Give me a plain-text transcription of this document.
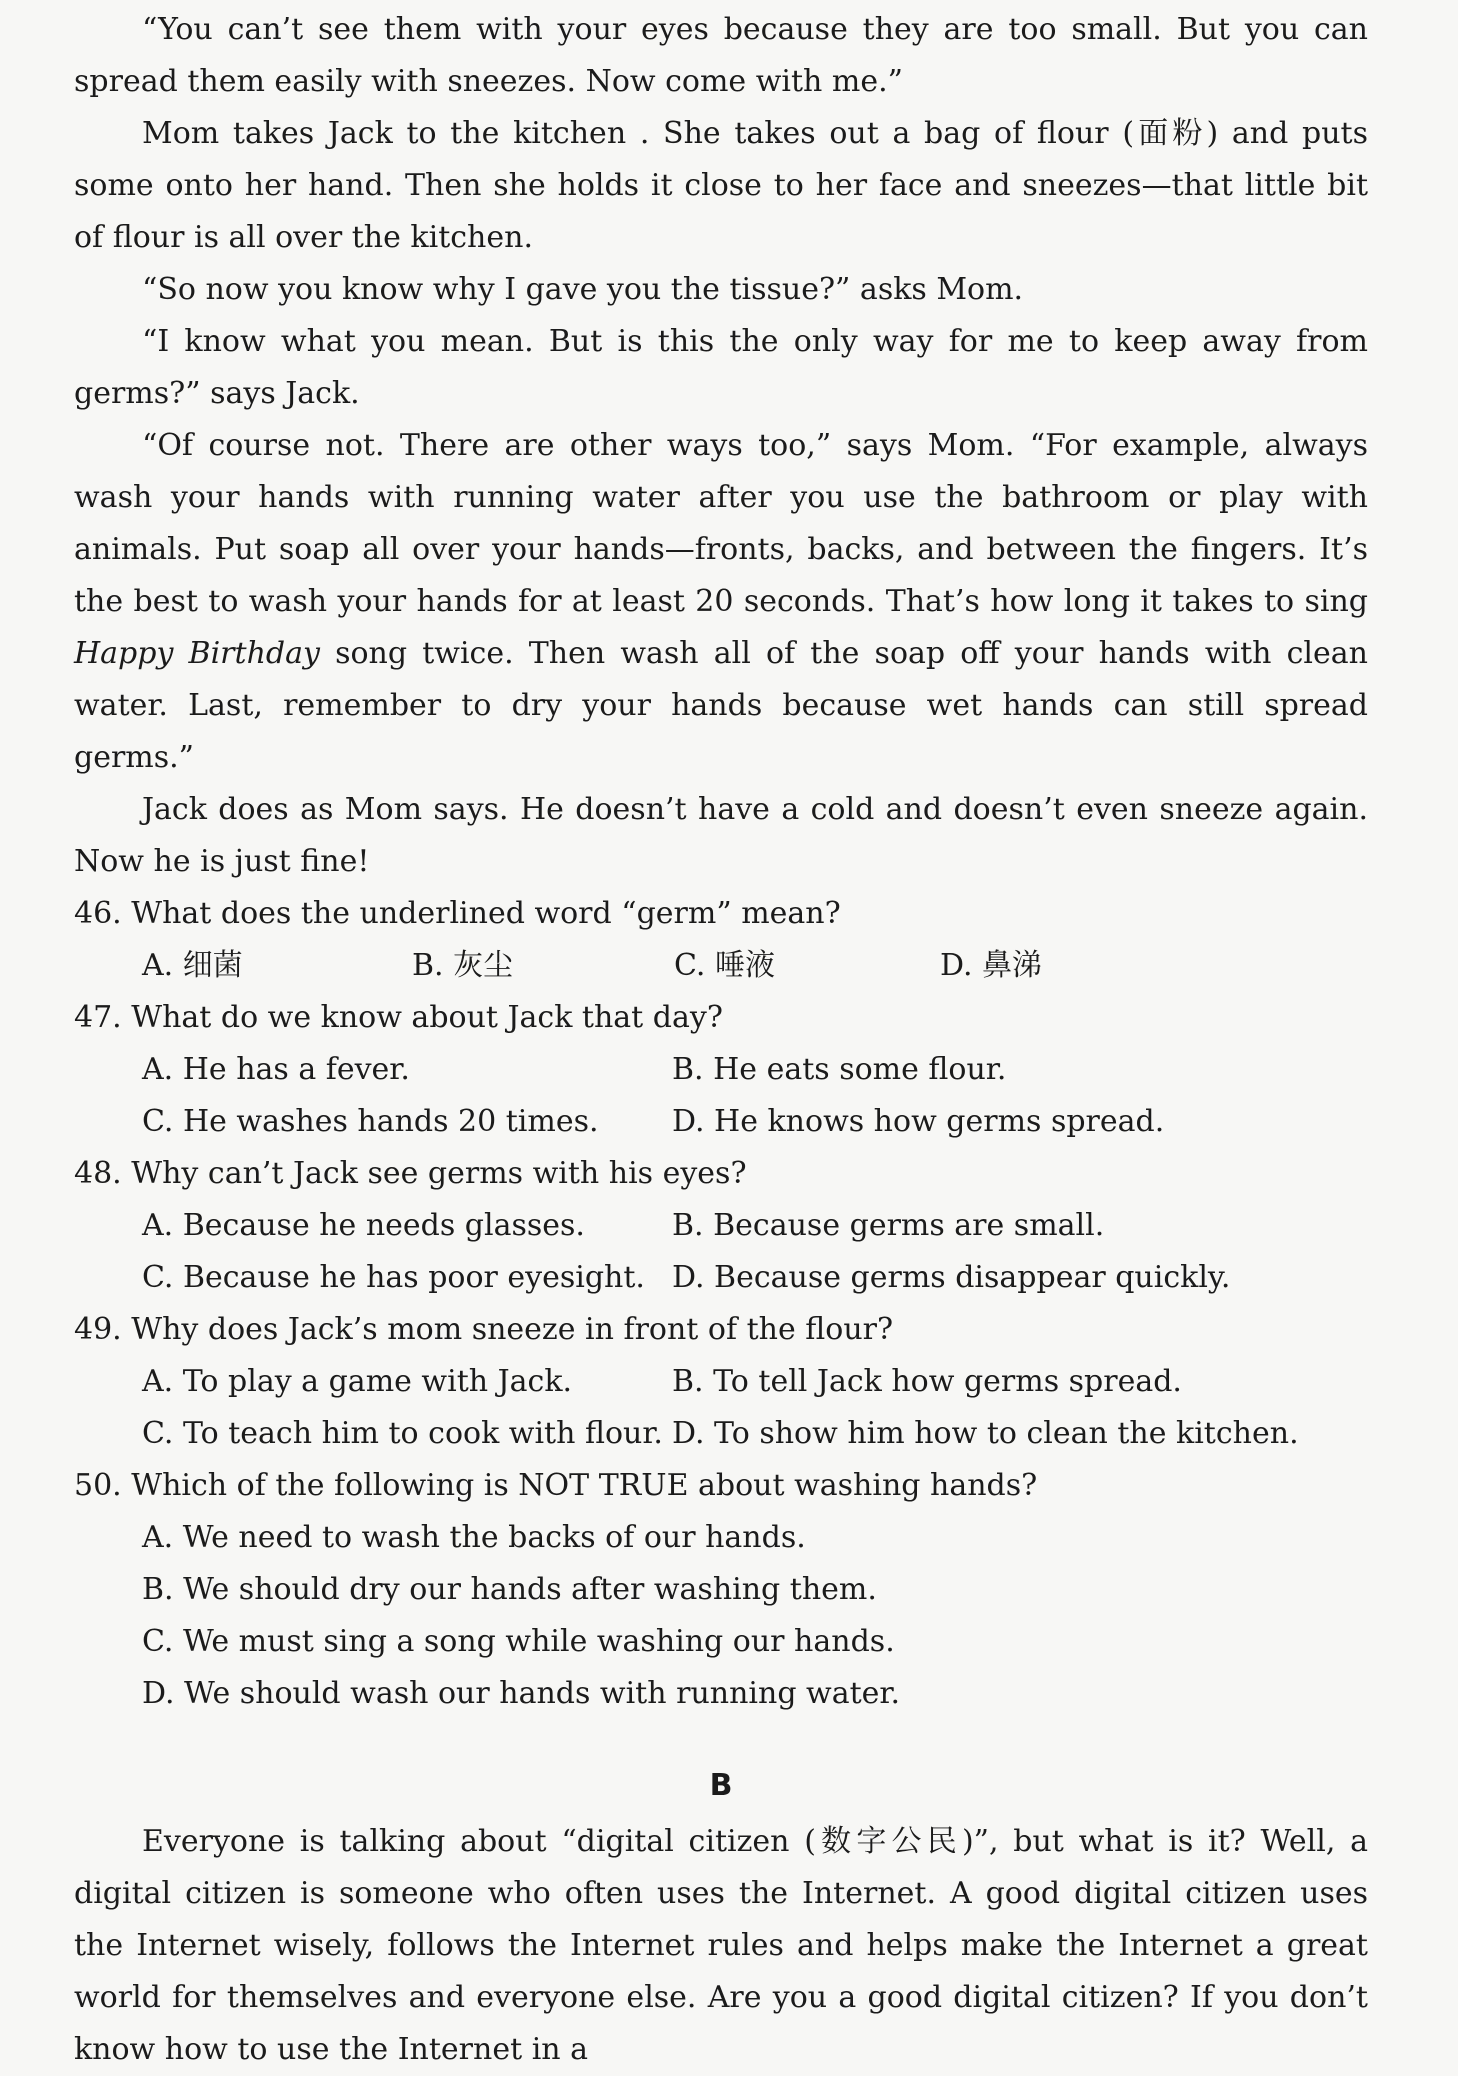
“You can’t see them with your eyes because they are too small. But you can spread them easily with sneezes. Now come with me.”

Mom takes Jack to the kitchen . She takes out a bag of flour (面粉) and puts some onto her hand. Then she holds it close to her face and sneezes—that little bit of flour is all over the kitchen.

“So now you know why I gave you the tissue?” asks Mom.

“I know what you mean. But is this the only way for me to keep away from germs?” says Jack.

“Of course not. There are other ways too,” says Mom. “For example, always wash your hands with running water after you use the bathroom or play with animals. Put soap all over your hands—fronts, backs, and between the fingers. It’s the best to wash your hands for at least 20 seconds. That’s how long it takes to sing Happy Birthday song twice. Then wash all of the soap off your hands with clean water. Last, remember to dry your hands because wet hands can still spread germs.”

Jack does as Mom says. He doesn’t have a cold and doesn’t even sneeze again. Now he is just fine!

46. What does the underlined word “germ” mean?

A. 细菌	B. 灰尘	C. 唾液	D. 鼻涕

47. What do we know about Jack that day?

A. He has a fever.	B. He eats some flour.
C. He washes hands 20 times.	D. He knows how germs spread.

48. Why can’t Jack see germs with his eyes?

A. Because he needs glasses.	B. Because germs are small.
C. Because he has poor eyesight. D. Because germs disappear quickly.

49. Why does Jack’s mom sneeze in front of the flour?

A. To play a game with Jack.	B. To tell Jack how germs spread.
C. To teach him to cook with flour. D. To show him how to clean the kitchen.

50. Which of the following is NOT TRUE about washing hands?

A. We need to wash the backs of our hands.
B. We should dry our hands after washing them.
C. We must sing a song while washing our hands.
D. We should wash our hands with running water.
B

Everyone is talking about “digital citizen (数字公民)”, but what is it? Well, a digital citizen is someone who often uses the Internet. A good digital citizen uses the Internet wisely, follows the Internet rules and helps make the Internet a great world for themselves and everyone else. Are you a good digital citizen? If you don’t know how to use the Internet in a
